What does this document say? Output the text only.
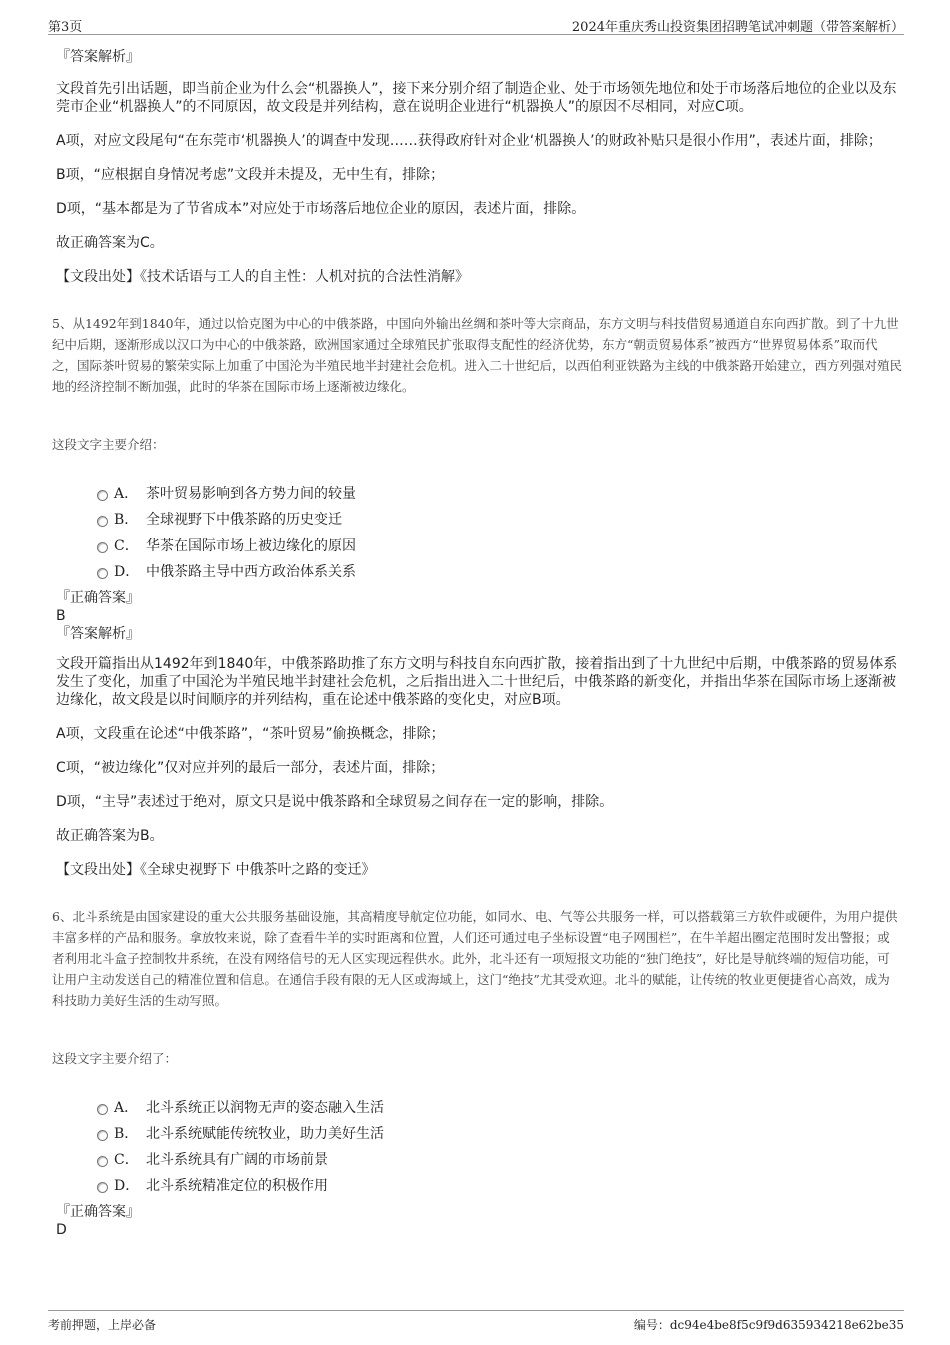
第3页	2024年重庆秀山投资集团招聘笔试冲刺题（带答案解析）
『答案解析』

文段首先引出话题，即当前企业为什么会“机器换人”，接下来分别介绍了制造企业、处于市场领先地位和处于市场落后地位的企业以及东莞市企业“机器换人”的不同原因，故文段是并列结构，意在说明企业进行“机器换人”的原因不尽相同，对应C项。

A项，对应文段尾句“在东莞市‘机器换人’的调查中发现……获得政府针对企业‘机器换人’的财政补贴只是很小作用”，表述片面，排除；

B项，“应根据自身情况考虑”文段并未提及，无中生有，排除；

D项，“基本都是为了节省成本”对应处于市场落后地位企业的原因，表述片面，排除。

故正确答案为C。

【文段出处】《技术话语与工人的自主性：人机对抗的合法性消解》

5、从1492年到1840年，通过以恰克图为中心的中俄茶路，中国向外输出丝绸和茶叶等大宗商品，东方文明与科技借贸易通道自东向西扩散。到了十九世纪中后期，逐渐形成以汉口为中心的中俄茶路，欧洲国家通过全球殖民扩张取得支配性的经济优势，东方“朝贡贸易体系”被西方“世界贸易体系”取而代之，国际茶叶贸易的繁荣实际上加重了中国沦为半殖民地半封建社会危机。进入二十世纪后，以西伯利亚铁路为主线的中俄茶路开始建立，西方列强对殖民地的经济控制不断加强，此时的华茶在国际市场上逐渐被边缘化。

这段文字主要介绍：

A． 茶叶贸易影响到各方势力间的较量
B． 全球视野下中俄茶路的历史变迁
C． 华茶在国际市场上被边缘化的原因
D． 中俄茶路主导中西方政治体系关系
『正确答案』
B
『答案解析』

文段开篇指出从1492年到1840年，中俄茶路助推了东方文明与科技自东向西扩散，接着指出到了十九世纪中后期，中俄茶路的贸易体系发生了变化，加重了中国沦为半殖民地半封建社会危机，之后指出进入二十世纪后，中俄茶路的新变化，并指出华茶在国际市场上逐渐被边缘化，故文段是以时间顺序的并列结构，重在论述中俄茶路的变化史，对应B项。

A项，文段重在论述“中俄茶路”，“茶叶贸易”偷换概念，排除；

C项，“被边缘化”仅对应并列的最后一部分，表述片面，排除；

D项，“主导”表述过于绝对，原文只是说中俄茶路和全球贸易之间存在一定的影响，排除。

故正确答案为B。

【文段出处】《全球史视野下 中俄茶叶之路的变迁》

6、北斗系统是由国家建设的重大公共服务基础设施，其高精度导航定位功能，如同水、电、气等公共服务一样，可以搭载第三方软件或硬件，为用户提供丰富多样的产品和服务。拿放牧来说，除了查看牛羊的实时距离和位置，人们还可通过电子坐标设置“电子网围栏”，在牛羊超出圈定范围时发出警报；或者利用北斗盒子控制牧井系统，在没有网络信号的无人区实现远程供水。此外，北斗还有一项短报文功能的“独门绝技”，好比是导航终端的短信功能，可让用户主动发送自己的精准位置和信息。在通信手段有限的无人区或海域上，这门“绝技”尤其受欢迎。北斗的赋能，让传统的牧业更便捷省心高效，成为科技助力美好生活的生动写照。

这段文字主要介绍了：

A． 北斗系统正以润物无声的姿态融入生活
B． 北斗系统赋能传统牧业，助力美好生活
C． 北斗系统具有广阔的市场前景
D． 北斗系统精准定位的积极作用
『正确答案』
D
考前押题，上岸必备	编号：dc94e4be8f5c9f9d635934218e62be35
